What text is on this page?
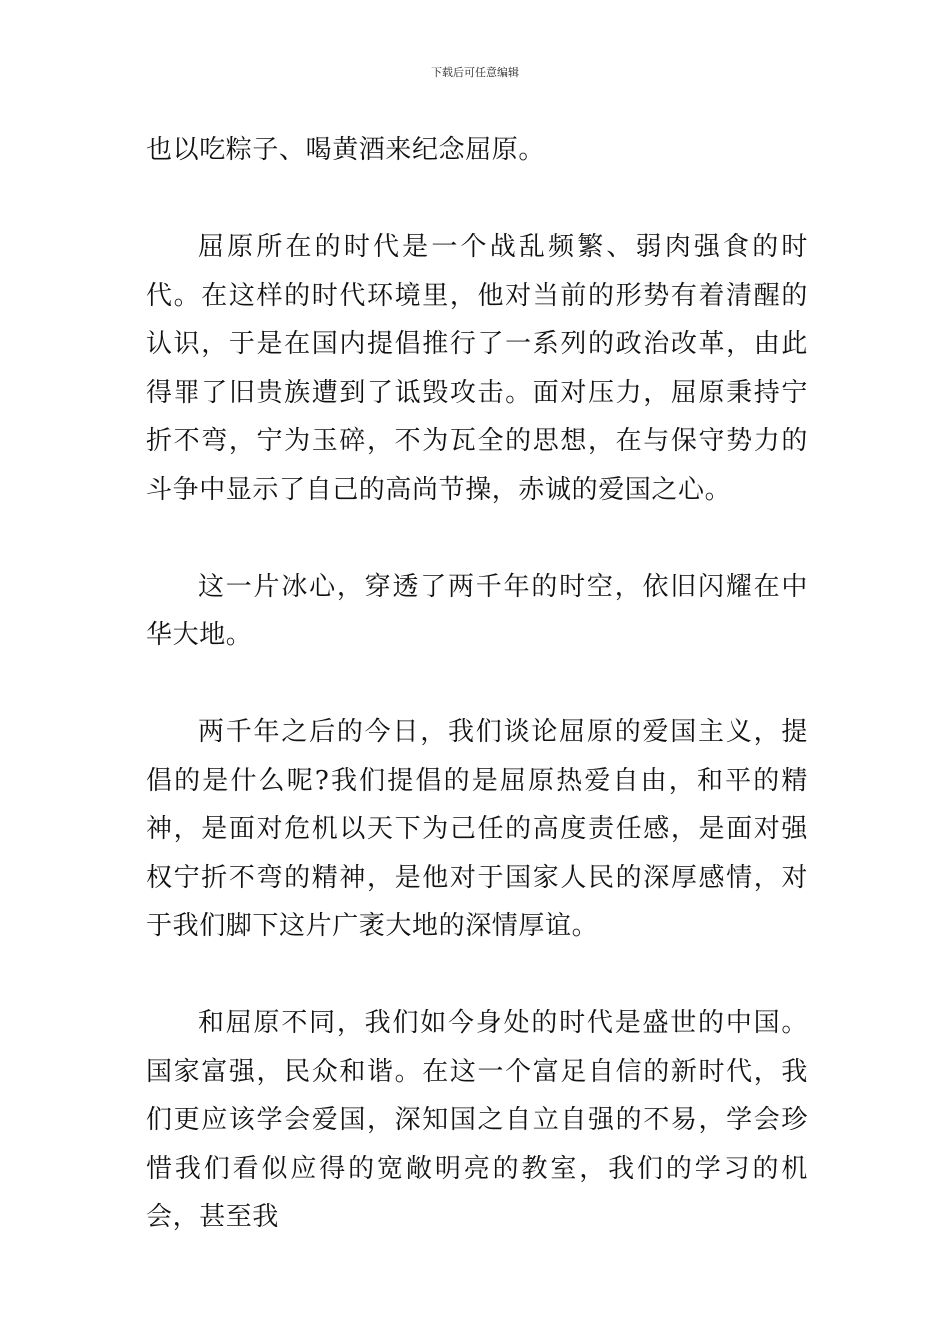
下载后可任意编辑

也以吃粽子、喝黄酒来纪念屈原。

屈原所在的时代是一个战乱频繁、弱肉强食的时代。在这样的时代环境里，他对当前的形势有着清醒的认识，于是在国内提倡推行了一系列的政治改革，由此得罪了旧贵族遭到了诋毁攻击。面对压力，屈原秉持宁折不弯，宁为玉碎，不为瓦全的思想，在与保守势力的斗争中显示了自己的高尚节操，赤诚的爱国之心。

这一片冰心，穿透了两千年的时空，依旧闪耀在中华大地。

两千年之后的今日，我们谈论屈原的爱国主义，提倡的是什么呢?我们提倡的是屈原热爱自由，和平的精神，是面对危机以天下为己任的高度责任感，是面对强权宁折不弯的精神，是他对于国家人民的深厚感情，对于我们脚下这片广袤大地的深情厚谊。

和屈原不同，我们如今身处的时代是盛世的中国。国家富强，民众和谐。在这一个富足自信的新时代，我们更应该学会爱国，深知国之自立自强的不易，学会珍惜我们看似应得的宽敞明亮的教室，我们的学习的机会，甚至我
